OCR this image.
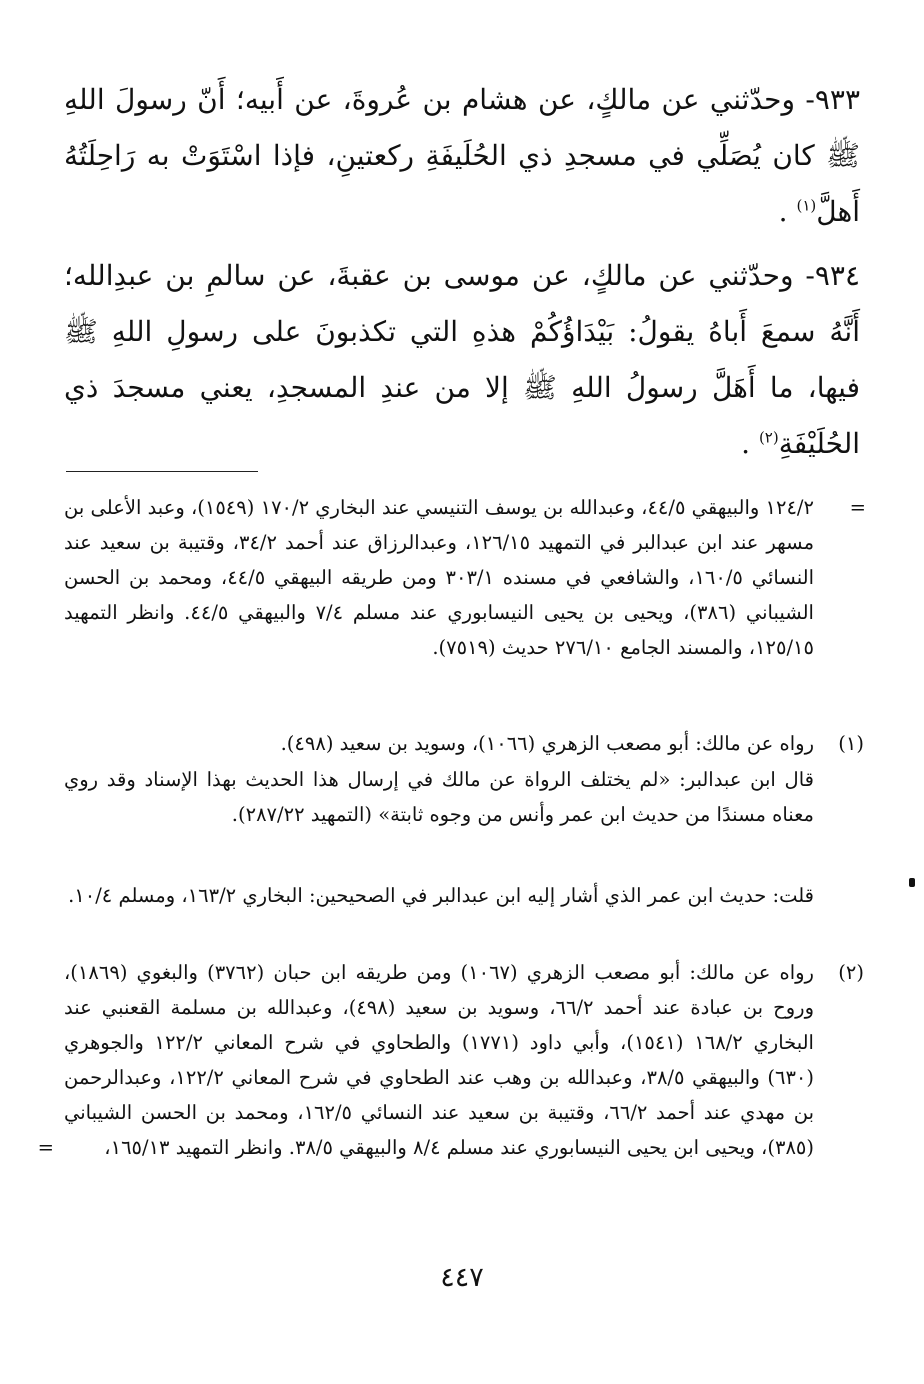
٩٣٣- وحدّثني عن مالكٍ، عن هشام بن عُروةَ، عن أَبيه؛ أَنّ رسولَ اللهِ ﷺ كان يُصَلِّي في مسجدِ ذي الحُلَيفَةِ ركعتينِ، فإذا اسْتَوَتْ به رَاحِلَتُهُ أَهلَّ$^{(١)}$ .

٩٣٤- وحدّثني عن مالكٍ، عن موسى بن عقبةَ، عن سالمِ بن عبدِالله؛ أَنَّهُ سمعَ أَباهُ يقولُ: بَيْدَاؤُكُمْ هذهِ التي تكذبونَ على رسولِ اللهِ ﷺ فيها، ما أَهَلَّ رسولُ اللهِ ﷺ إلا من عندِ المسجدِ، يعني مسجدَ ذي الحُلَيْفَةِ$^{(٢)}$ .

=
١٢٤/٢ والبيهقي ٤٤/٥، وعبدالله بن يوسف التنيسي عند البخاري ١٧٠/٢ (١٥٤٩)، وعبد الأعلى بن مسهر عند ابن عبدالبر في التمهيد ١٢٦/١٥، وعبدالرزاق عند أحمد ٣٤/٢، وقتيبة بن سعيد عند النسائي ١٦٠/٥، والشافعي في مسنده ٣٠٣/١ ومن طريقه البيهقي ٤٤/٥، ومحمد بن الحسن الشيباني (٣٨٦)، ويحيى بن يحيى النيسابوري عند مسلم ٧/٤ والبيهقي ٤٤/٥. وانظر التمهيد ١٢٥/١٥، والمسند الجامع ٢٧٦/١٠ حديث (٧٥١٩).

(١)
رواه عن مالك: أبو مصعب الزهري (١٠٦٦)، وسويد بن سعيد (٤٩٨).

قال ابن عبدالبر: «لم يختلف الرواة عن مالك في إرسال هذا الحديث بهذا الإسناد وقد روي معناه مسندًا من حديث ابن عمر وأنس من وجوه ثابتة» (التمهيد ٢٨٧/٢٢).

قلت: حديث ابن عمر الذي أشار إليه ابن عبدالبر في الصحيحين: البخاري ١٦٣/٢، ومسلم ١٠/٤.

(٢)
رواه عن مالك: أبو مصعب الزهري (١٠٦٧) ومن طريقه ابن حبان (٣٧٦٢) والبغوي (١٨٦٩)، وروح بن عبادة عند أحمد ٦٦/٢، وسويد بن سعيد (٤٩٨)، وعبدالله بن مسلمة القعنبي عند البخاري ١٦٨/٢ (١٥٤١)، وأبي داود (١٧٧١) والطحاوي في شرح المعاني ١٢٢/٢ والجوهري (٦٣٠) والبيهقي ٣٨/٥، وعبدالله بن وهب عند الطحاوي في شرح المعاني ١٢٢/٢، وعبدالرحمن بن مهدي عند أحمد ٦٦/٢، وقتيبة بن سعيد عند النسائي ١٦٢/٥، ومحمد بن الحسن الشيباني (٣٨٥)، ويحيى ابن يحيى النيسابوري عند مسلم ٨/٤ والبيهقي ٣٨/٥. وانظر التمهيد ١٦٥/١٣،
=

٤٤٧
